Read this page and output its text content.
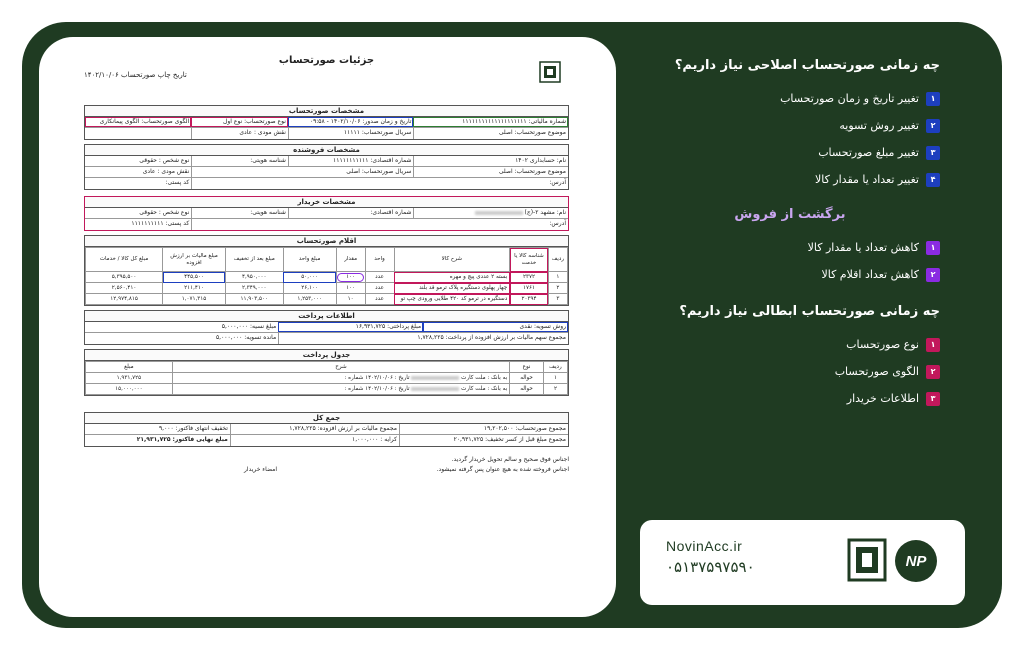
جزئیات صورتحساب
تاریخ چاپ صورتحساب ۱۴۰۲/۱۰/۰۶
مشخصات صورتحساب
شماره مالیاتی: ۱۱۱۱۱۱۱۱۱۱۱۱۱۱۱۱۱۱۱۱
تاریخ و زمان صدور: ۱۴۰۲/۱۰/۰۶ - ۰۹:۵۸
نوع صورتحساب: نوع اول
الگوی صورتحساب: الگوی پیمانکاری
موضوع صورتحساب: اصلی
سریال صورتحساب: ۱۱۱۱۱
نقش مودی : عادی
مشخصات فروشنده
نام: حسابداری ۱۴۰۲
شماره اقتصادی: ۱۱۱۱۱۱۱۱۱۱۱
شناسه هویتی:
نوع شخص : حقوقی
موضوع صورتحساب: اصلی
سریال صورتحساب: اصلی
نقش مودی : عادی
آدرس:
کد پستی:
مشخصات خریدار
نام: مشهد ۲-(ج)
شماره اقتصادی:
شناسه هویتی:
نوع شخص : حقوقی
آدرس:
کد پستی: ۱۱۱۱۱۱۱۱۱۱
اقلام صورتحساب
ردیف	شناسه کالا یا خدمت	شرح کالا	واحد	مقدار	مبلغ واحد	مبلغ بعد از تخفیف	مبلغ مالیات بر ارزش افزوده	مبلغ کل کالا / خدمات
۱	۲۳۷۲	بسته ۲ عددی پیچ و مهره	عدد	۱۰۰	۵۰,۰۰۰	۴,۹۵۰,۰۰۰	۴۴۵,۵۰۰	۵,۳۹۵,۵۰۰
۲	۱۷۶۱	چهار پهلوی دستگیره پلاک ترمو قد بلند	عدد	۱۰۰	۲۶,۱۰۰	۲,۳۴۹,۰۰۰	۲۱۱,۴۱۰	۲,۵۶۰,۴۱۰
۳	۲۰۳۹۴	دستگیره در ترمو کد ۴۲۰ طلایی ورودی چپ تو	عدد	۱۰	۱,۲۵۳,۰۰۰	۱۱,۹۰۳,۵۰۰	۱,۰۷۱,۳۱۵	۱۲,۹۷۴,۸۱۵
اطلاعات پرداخت
روش تسویه: نقدی
مبلغ پرداختی: ۱۶,۹۳۱,۷۲۵
مبلغ نسیه: ۵,۰۰۰,۰۰۰
مجموع سهم مالیات بر ارزش افزوده از پرداخت: ۱,۷۲۸,۲۲۵
مانده تسویه: ۵,۰۰۰,۰۰۰
جدول پرداخت
ردیف	نوع	شرح	مبلغ
۱	حواله	به بانک : ملت کارت  تاریخ : ۱۴۰۲/۱۰/۰۶ شماره :	۱,۹۳۱,۷۲۵
۲	حواله	به بانک : ملت کارت  تاریخ : ۱۴۰۲/۱۰/۰۶ شماره :	۱۵,۰۰۰,۰۰۰
جمع کل
مجموع صورتحساب: ۱۹,۲۰۲,۵۰۰
مجموع مالیات بر ارزش افزوده: ۱,۷۲۸,۲۲۵
تخفیف انتهای فاکتور: ۹,۰۰۰
مجموع مبلغ قبل از کسر تخفیف: ۲۰,۹۳۱,۷۲۵
کرایه : ۱,۰۰۰,۰۰۰
مبلغ نهایی فاکتور: ۲۱,۹۳۱,۷۲۵
اجناس فوق صحیح و سالم تحویل خریدار گردید.
اجناس فروخته شده به هیچ عنوان پس گرفته نمیشود.
امضاء خریدار
چه زمانی صورتحساب اصلاحی نیاز داریم؟
۱
تغییر تاریخ و زمان صورتحساب
۲
تغییر روش تسویه
۳
تغییر مبلغ صورتحساب
۴
تغییر تعداد یا مقدار کالا
برگشت از فروش
۱
کاهش تعداد یا مقدار کالا
۲
کاهش تعداد اقلام کالا
چه زمانی صورتحساب ابطالی نیاز داریم؟
۱
نوع صورتحساب
۲
الگوی صورتحساب
۳
اطلاعات خریدار
NovinAcc.ir
۰۵۱۳۷۵۹۷۵۹۰	NP
